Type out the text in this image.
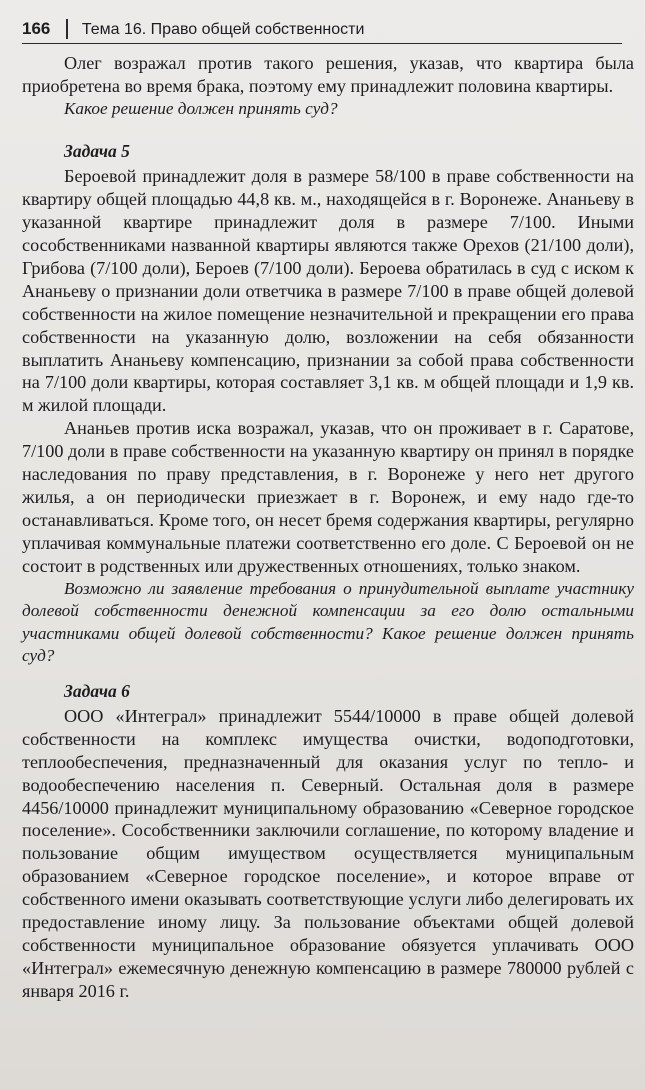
166 Тема 16. Право общей собственности

Олег возражал против такого решения, указав, что квартира была приобретена во время брака, поэтому ему принадлежит половина квартиры.

Какое решение должен принять суд?

Задача 5

Бероевой принадлежит доля в размере 58/100 в праве собственности на квартиру общей площадью 44,8 кв. м., находящейся в г. Воронеже. Ананьеву в указанной квартире принадлежит доля в размере 7/100. Иными сособственниками названной квартиры являются также Орехов (21/100 доли), Грибова (7/100 доли), Бероев (7/100 доли). Бероева обратилась в суд с иском к Ананьеву о признании доли ответчика в размере 7/100 в праве общей долевой собственности на жилое помещение незначительной и прекращении его права собственности на указанную долю, возложении на себя обязанности выплатить Ананьеву компенсацию, признании за собой права собственности на 7/100 доли квартиры, которая составляет 3,1 кв. м общей площади и 1,9 кв. м жилой площади.

Ананьев против иска возражал, указав, что он проживает в г. Саратове, 7/100 доли в праве собственности на указанную квартиру он принял в порядке наследования по праву представления, в г. Воронеже у него нет другого жилья, а он периодически приезжает в г. Воронеж, и ему надо где-то останавливаться. Кроме того, он несет бремя содержания квартиры, регулярно уплачивая коммунальные платежи соответственно его доле. С Бероевой он не состоит в родственных или дружественных отношениях, только знаком.

Возможно ли заявление требования о принудительной выплате участнику долевой собственности денежной компенсации за его долю остальными участниками общей долевой собственности? Какое решение должен принять суд?

Задача 6

ООО «Интеграл» принадлежит 5544/10000 в праве общей долевой собственности на комплекс имущества очистки, водоподготовки, теплообеспечения, предназначенный для оказания услуг по тепло- и водообеспечению населения п. Северный. Остальная доля в размере 4456/10000 принадлежит муниципальному образованию «Северное городское поселение». Сособственники заключили соглашение, по которому владение и пользование общим имуществом осуществляется муниципальным образованием «Северное городское поселение», и которое вправе от собственного имени оказывать соответствующие услуги либо делегировать их предоставление иному лицу. За пользование объектами общей долевой собственности муниципальное образование обязуется уплачивать ООО «Интеграл» ежемесячную денежную компенсацию в размере 780000 рублей с января 2016 г.
